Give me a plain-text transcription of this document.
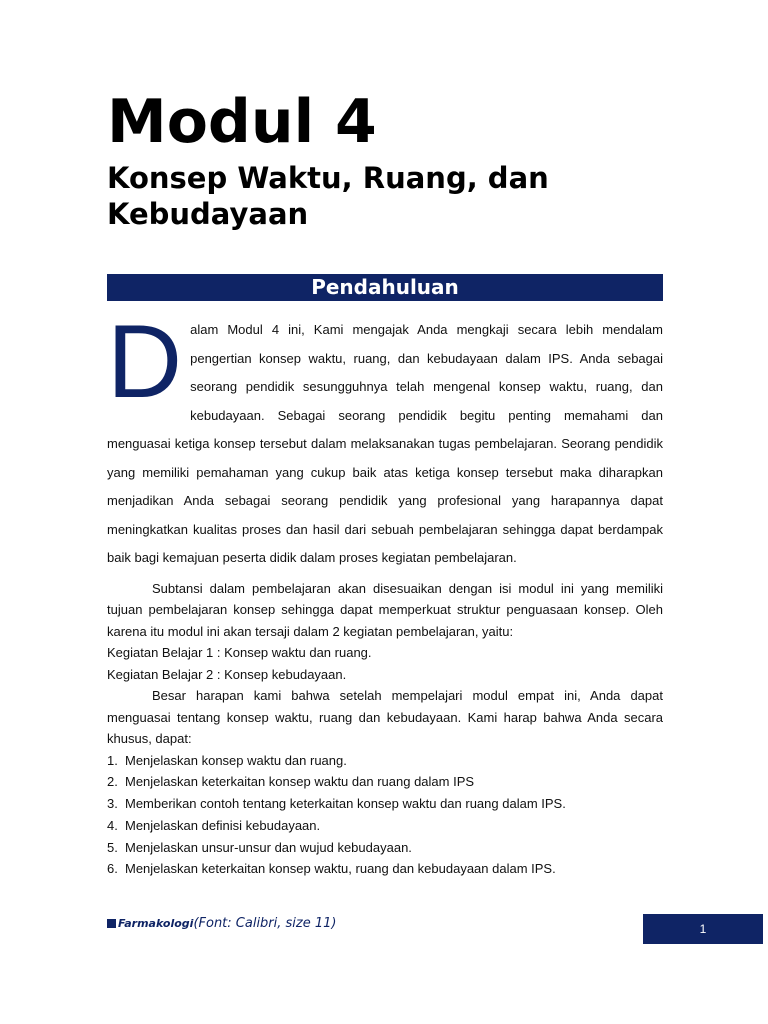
Modul 4
Konsep Waktu, Ruang, dan Kebudayaan
Pendahuluan

D alam Modul 4 ini, Kami mengajak Anda mengkaji secara lebih mendalam pengertian konsep waktu, ruang, dan kebudayaan dalam IPS. Anda sebagai seorang pendidik sesungguhnya telah mengenal konsep waktu, ruang, dan kebudayaan. Sebagai seorang pendidik begitu penting memahami dan menguasai ketiga konsep tersebut dalam melaksanakan tugas pembelajaran. Seorang pendidik yang memiliki pemahaman yang cukup baik atas ketiga konsep tersebut maka diharapkan menjadikan Anda sebagai seorang pendidik yang profesional yang harapannya dapat meningkatkan kualitas proses dan hasil dari sebuah pembelajaran sehingga dapat berdampak baik bagi kemajuan peserta didik dalam proses kegiatan pembelajaran.

Subtansi dalam pembelajaran akan disesuaikan dengan isi modul ini yang memiliki tujuan pembelajaran konsep sehingga dapat memperkuat struktur penguasaan konsep. Oleh karena itu modul ini akan tersaji dalam 2 kegiatan pembelajaran, yaitu:

Kegiatan Belajar 1 : Konsep waktu dan ruang.

Kegiatan Belajar 2 : Konsep kebudayaan.

Besar harapan kami bahwa setelah mempelajari modul empat ini, Anda dapat menguasai tentang konsep waktu, ruang dan kebudayaan. Kami harap bahwa Anda secara khusus, dapat:

1. Menjelaskan konsep waktu dan ruang.
2. Menjelaskan keterkaitan konsep waktu dan ruang dalam IPS
3. Memberikan contoh tentang keterkaitan konsep waktu dan ruang dalam IPS.
4. Menjelaskan definisi kebudayaan.
5. Menjelaskan unsur-unsur dan wujud kebudayaan.
6. Menjelaskan keterkaitan konsep waktu, ruang dan kebudayaan dalam IPS.
Farmakologi (Font: Calibri, size 11)	1
